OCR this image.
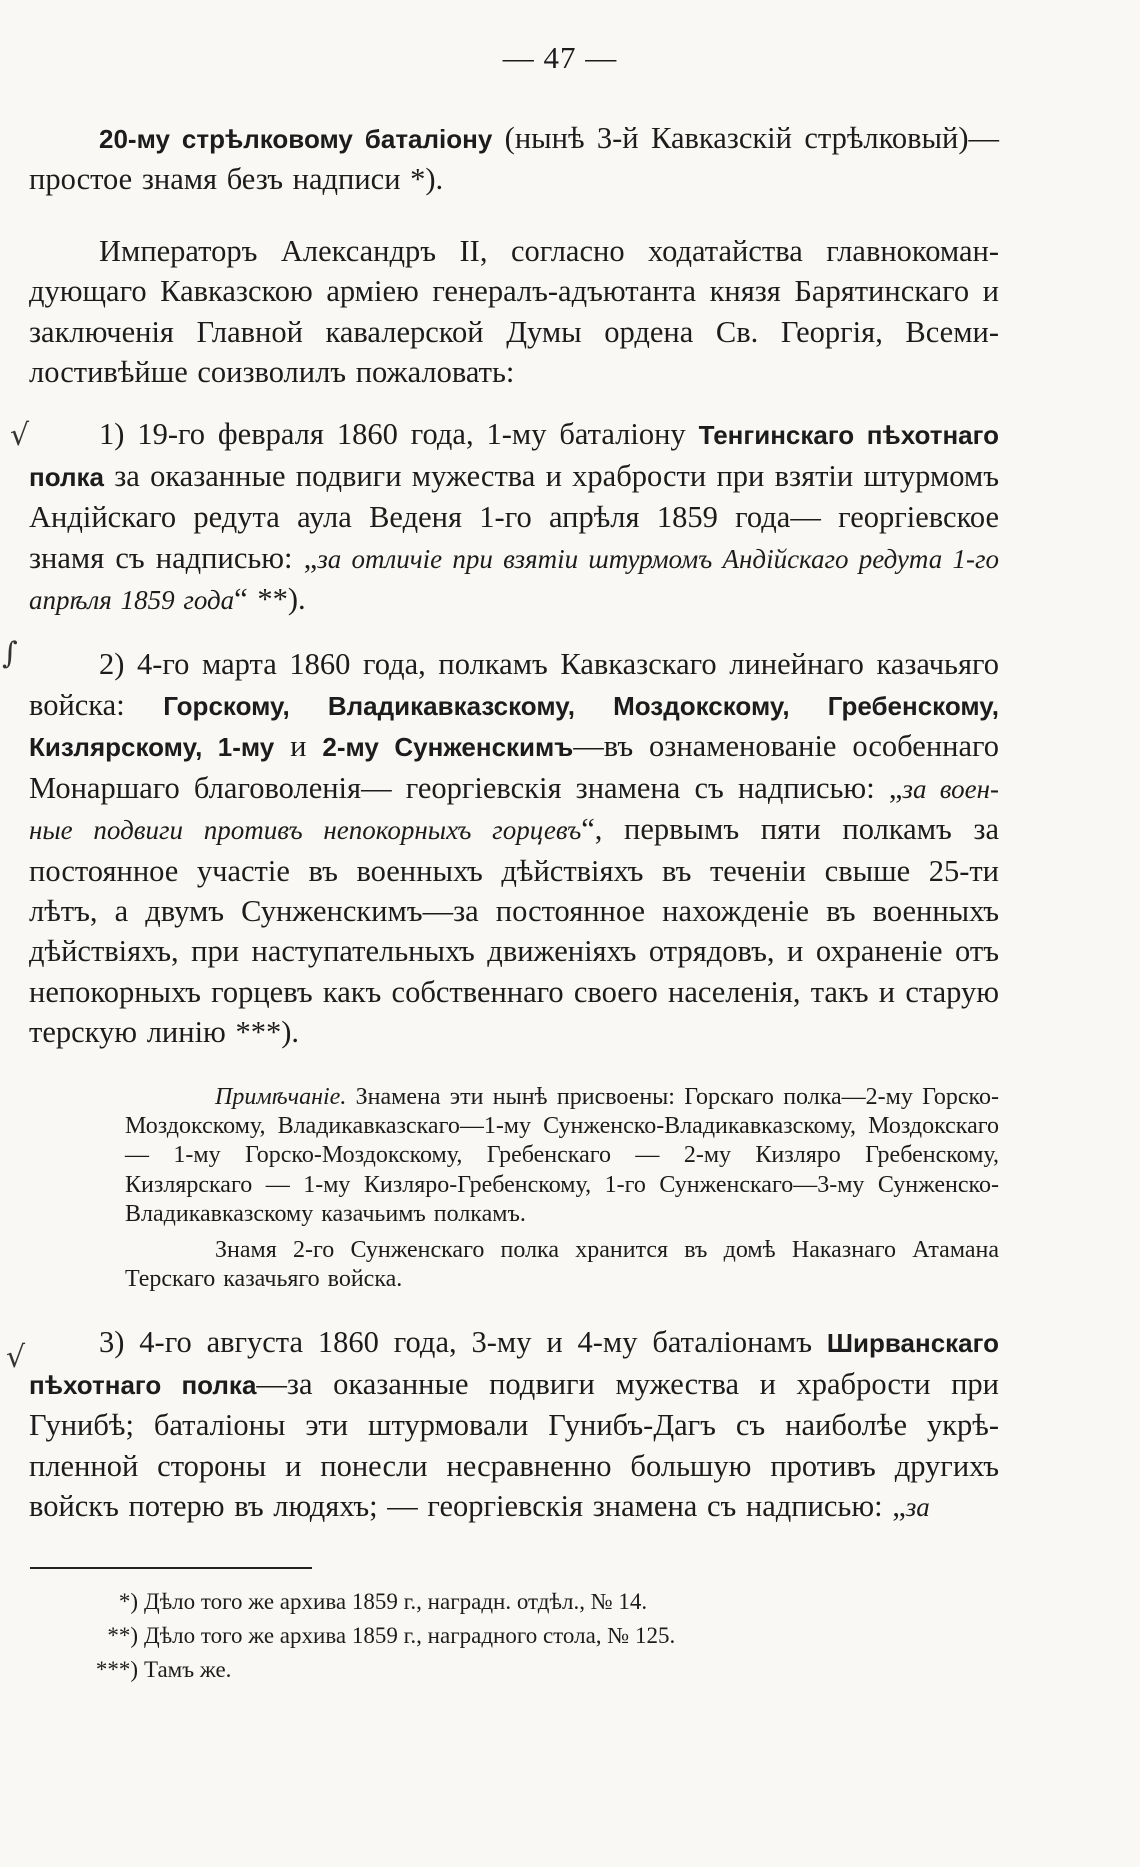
— 47 —
√
∫
√

20-му стрѣлковому баталіону (нынѣ 3-й Кавказскій стрѣлковый)— простое знамя безъ надписи *).

Императоръ Александръ II, согласно ходатайства главнокомандующаго Кавказскою арміею генералъ-адъютанта князя Барятинскаго и заключенія Главной кавалерской Думы ордена Св. Георгія, Всемилостивѣйше соизволилъ пожаловать:

1) 19-го февраля 1860 года, 1-му баталіону Тенгинскаго пѣхотнаго полка за оказанные подвиги мужества и храбрости при взятіи штурмомъ Андійскаго редута аула Веденя 1-го апрѣля 1859 года— георгіевское знамя съ надписью: „за отличіе при взятіи штурмомъ Андійскаго редута 1-го апрѣля 1859 года“ **).

2) 4-го марта 1860 года, полкамъ Кавказскаго линейнаго казачьяго войска: Горскому, Владикавказскому, Моздокскому, Гребенскому, Кизлярскому, 1-му и 2-му Сунженскимъ—въ ознаменованіе особеннаго Монаршаго благоволенія— георгіевскія знамена съ надписью: „за военные подвиги противъ непокорныхъ горцевъ“, первымъ пяти полкамъ за постоянное участіе въ военныхъ дѣйствіяхъ въ теченіи свыше 25-ти лѣтъ, а двумъ Сунженскимъ—за постоянное нахожденіе въ военныхъ дѣйствіяхъ, при наступательныхъ движеніяхъ отрядовъ, и охраненіе отъ непокорныхъ горцевъ какъ собственнаго своего населенія, такъ и старую терскую линію ***).

Примѣчаніе. Знамена эти нынѣ присвоены: Горскаго полка—2-му Горско-Моздокскому, Владикавказскаго—1-му Сунженско-Владикавказскому, Моздокскаго — 1-му Горско-Моздокскому, Гребенскаго — 2-му Кизляро Гребенскому, Кизлярскаго — 1-му Кизляро-Гребенскому, 1-го Сунженскаго—3-му Сунженско-Владикавказскому казачьимъ полкамъ.

Знамя 2-го Сунженскаго полка хранится въ домѣ Наказнаго Атамана Терскаго казачьяго войска.

3) 4-го августа 1860 года, 3-му и 4-му баталіонамъ Ширванскаго пѣхотнаго полка—за оказанные подвиги мужества и храбрости при Гунибѣ; баталіоны эти штурмовали Гунибъ-Дагъ съ наиболѣе укрѣпленной стороны и понесли несравненно большую противъ другихъ войскъ потерю въ людяхъ; — георгіевскія знамена съ надписью: „за

*) Дѣло того же архива 1859 г., наградн. отдѣл., № 14.
**) Дѣло того же архива 1859 г., наградного стола, № 125.
***) Тамъ же.
